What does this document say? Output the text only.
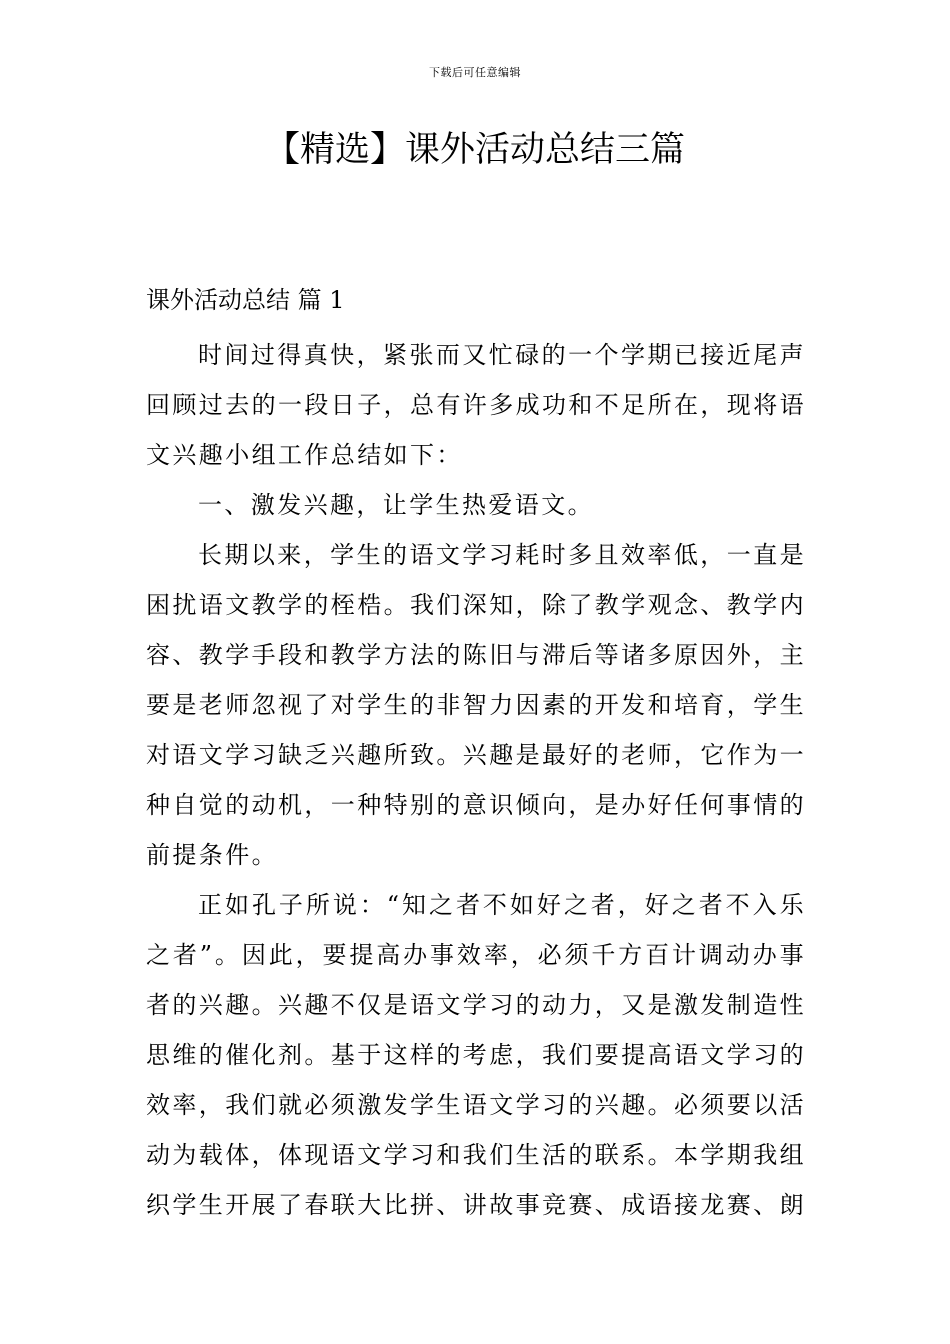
下载后可任意编辑
【精选】课外活动总结三篇
课外活动总结 篇 1

时间过得真快，紧张而又忙碌的一个学期已接近尾声回顾过去的一段日子，总有许多成功和不足所在，现将语文兴趣小组工作总结如下：

一、激发兴趣，让学生热爱语文。

长期以来，学生的语文学习耗时多且效率低，一直是困扰语文教学的桎梏。我们深知，除了教学观念、教学内容、教学手段和教学方法的陈旧与滞后等诸多原因外，主要是老师忽视了对学生的非智力因素的开发和培育，学生对语文学习缺乏兴趣所致。兴趣是最好的老师，它作为一种自觉的动机，一种特别的意识倾向，是办好任何事情的前提条件。

正如孔子所说：“知之者不如好之者，好之者不入乐之者”。因此，要提高办事效率，必须千方百计调动办事者的兴趣。兴趣不仅是语文学习的动力，又是激发制造性思维的催化剂。基于这样的考虑，我们要提高语文学习的效率，我们就必须激发学生语文学习的兴趣。必须要以活动为载体，体现语文学习和我们生活的联系。本学期我组织学生开展了春联大比拼、讲故事竞赛、成语接龙赛、朗
